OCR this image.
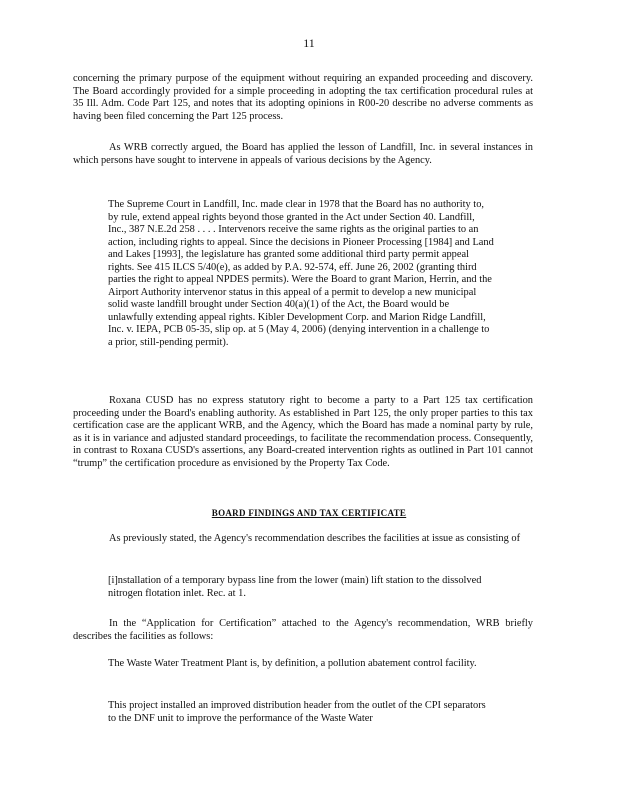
11

concerning the primary purpose of the equipment without requiring an expanded proceeding and discovery. The Board accordingly provided for a simple proceeding in adopting the tax certification procedural rules at 35 Ill. Adm. Code Part 125, and notes that its adopting opinions in R00-20 describe no adverse comments as having been filed concerning the Part 125 process.

As WRB correctly argued, the Board has applied the lesson of Landfill, Inc. in several instances in which persons have sought to intervene in appeals of various decisions by the Agency.

The Supreme Court in Landfill, Inc. made clear in 1978 that the Board has no authority to, by rule, extend appeal rights beyond those granted in the Act under Section 40. Landfill, Inc., 387 N.E.2d 258 . . . . Intervenors receive the same rights as the original parties to an action, including rights to appeal. Since the decisions in Pioneer Processing [1984] and Land and Lakes [1993], the legislature has granted some additional third party permit appeal rights. See 415 ILCS 5/40(e), as added by P.A. 92-574, eff. June 26, 2002 (granting third parties the right to appeal NPDES permits). Were the Board to grant Marion, Herrin, and the Airport Authority intervenor status in this appeal of a permit to develop a new municipal solid waste landfill brought under Section 40(a)(1) of the Act, the Board would be unlawfully extending appeal rights. Kibler Development Corp. and Marion Ridge Landfill, Inc. v. IEPA, PCB 05-35, slip op. at 5 (May 4, 2006) (denying intervention in a challenge to a prior, still-pending permit).

Roxana CUSD has no express statutory right to become a party to a Part 125 tax certification proceeding under the Board's enabling authority. As established in Part 125, the only proper parties to this tax certification case are the applicant WRB, and the Agency, which the Board has made a nominal party by rule, as it is in variance and adjusted standard proceedings, to facilitate the recommendation process. Consequently, in contrast to Roxana CUSD's assertions, any Board-created intervention rights as outlined in Part 101 cannot “trump” the certification procedure as envisioned by the Property Tax Code.

BOARD FINDINGS AND TAX CERTIFICATE

As previously stated, the Agency's recommendation describes the facilities at issue as consisting of

[i]nstallation of a temporary bypass line from the lower (main) lift station to the dissolved nitrogen flotation inlet. Rec. at 1.

In the “Application for Certification” attached to the Agency's recommendation, WRB briefly describes the facilities as follows:

The Waste Water Treatment Plant is, by definition, a pollution abatement control facility.

This project installed an improved distribution header from the outlet of the CPI separators to the DNF unit to improve the performance of the Waste Water
